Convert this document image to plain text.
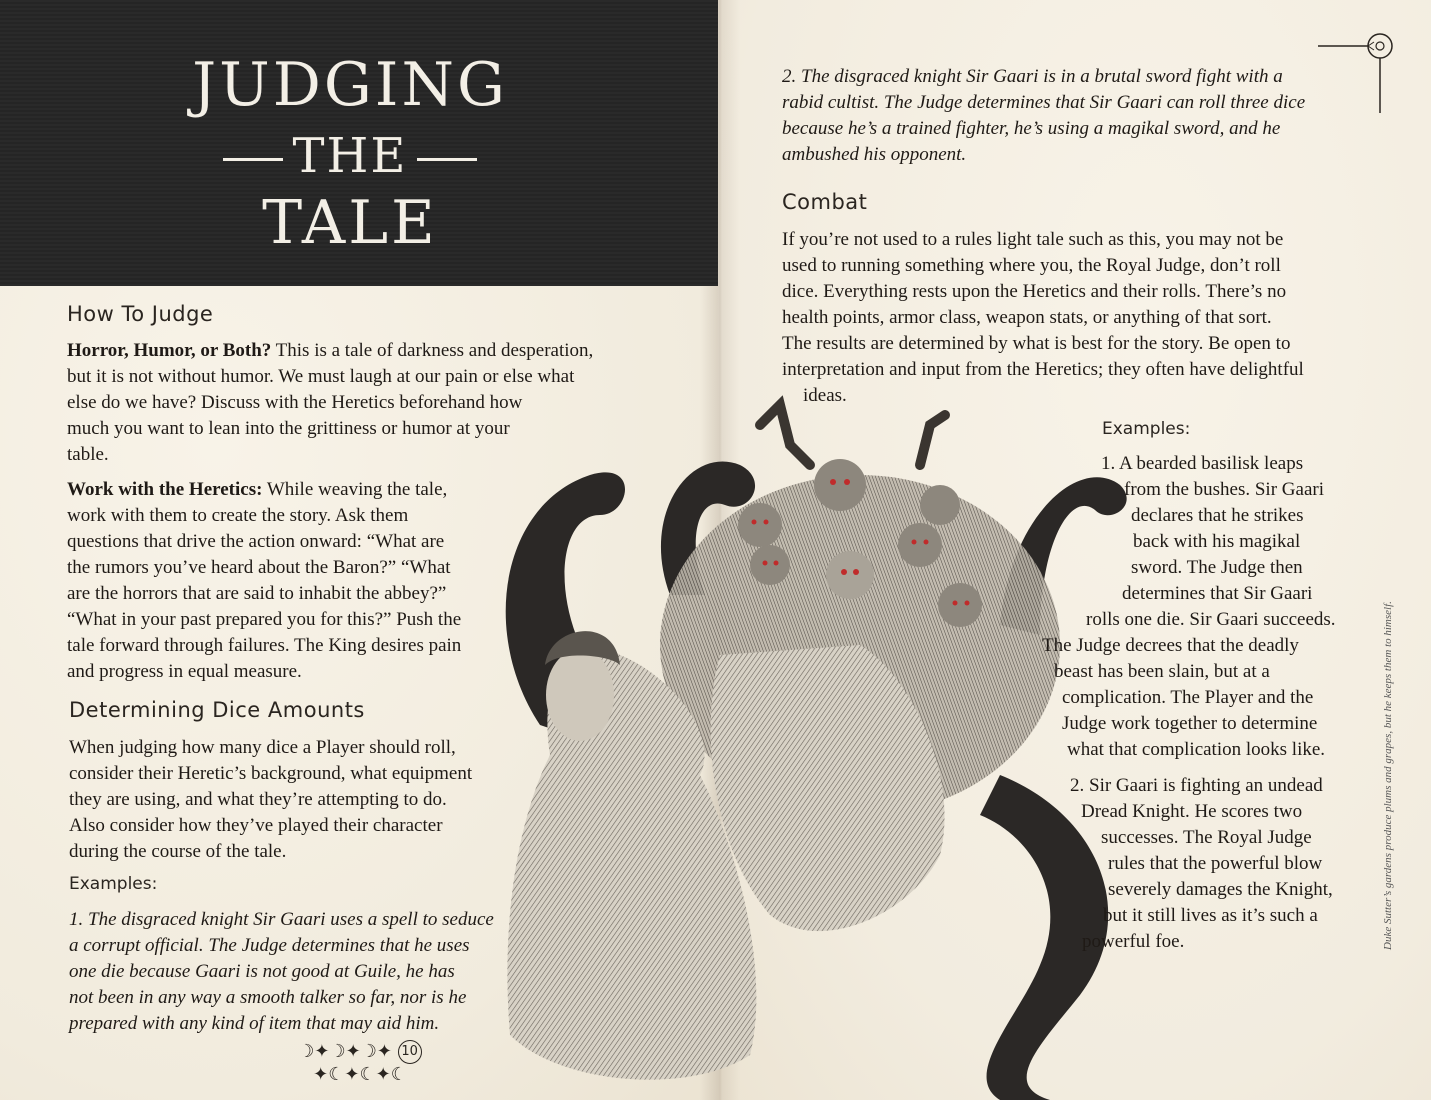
JUDGING
THE
TALE
How To Judge
Horror, Humor, or Both? This is a tale of darkness and desperation,
but it is not without humor. We must laugh at our pain or else what
else do we have? Discuss with the Heretics beforehand how
much you want to lean into the grittiness or humor at your
table.
Work with the Heretics: While weaving the tale,
work with them to create the story. Ask them
questions that drive the action onward: “What are
the rumors you’ve heard about the Baron?” “What
are the horrors that are said to inhabit the abbey?”
“What in your past prepared you for this?” Push the
tale forward through failures. The King desires pain
and progress in equal measure.
Determining Dice Amounts
When judging how many dice a Player should roll,
consider their Heretic’s background, what equipment
they are using, and what they’re attempting to do.
Also consider how they’ve played their character
during the course of the tale.
Examples:
1. The disgraced knight Sir Gaari uses a spell to seduce
a corrupt official. The Judge determines that he uses
one die because Gaari is not good at Guile, he has
not been in any way a smooth talker so far, nor is he
prepared with any kind of item that may aid him.
☽✦☽✦☽✦ 10 ✦☾✦☾✦☾
2. The disgraced knight Sir Gaari is in a brutal sword fight with a
rabid cultist. The Judge determines that Sir Gaari can roll three dice
because he’s a trained fighter, he’s using a magikal sword, and he
ambushed his opponent.
Combat
If you’re not used to a rules light tale such as this, you may not be
used to running something where you, the Royal Judge, don’t roll
dice. Everything rests upon the Heretics and their rolls. There’s no
health points, armor class, weapon stats, or anything of that sort.
The results are determined by what is best for the story. Be open to
interpretation and input from the Heretics; they often have delightful
ideas.
Examples:
1. A bearded basilisk leaps
from the bushes. Sir Gaari
declares that he strikes
back with his magikal
sword. The Judge then
determines that Sir Gaari
rolls one die. Sir Gaari succeeds.
The Judge decrees that the deadly
beast has been slain, but at a
complication. The Player and the
Judge work together to determine
what that complication looks like.
2. Sir Gaari is fighting an undead
Dread Knight. He scores two
successes. The Royal Judge
rules that the powerful blow
severely damages the Knight,
but it still lives as it’s such a
powerful foe.	Duke Sutter’s gardens produce plums and grapes, but he keeps them to himself.
